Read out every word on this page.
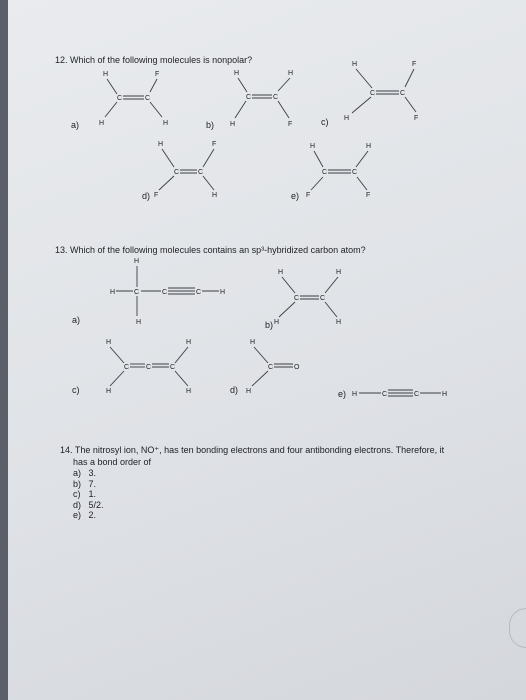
12. Which of the following molecules is nonpolar?
a)
H	F
H	H
C	C
b)
H	H
H	F
C	C
c)
H	F
H	F
C	C
d)
H	F
F	H
C	C
e)
H	H
F	F
C	C
13. Which of the following molecules contains an sp³-hybridized carbon atom?
a)
H
H	C	C	C	H
H	b)
H	H
H	H
C	C
c)
H	H
H	H
C C	C
d)
H
H
C	O
e) H	C	C	H
14. The nitrosyl ion, NO⁺, has ten bonding electrons and four antibonding electrons. Therefore, it
has a bond order of
a) 3.
b) 7.
c) 1.
d) 5/2.
e) 2.
